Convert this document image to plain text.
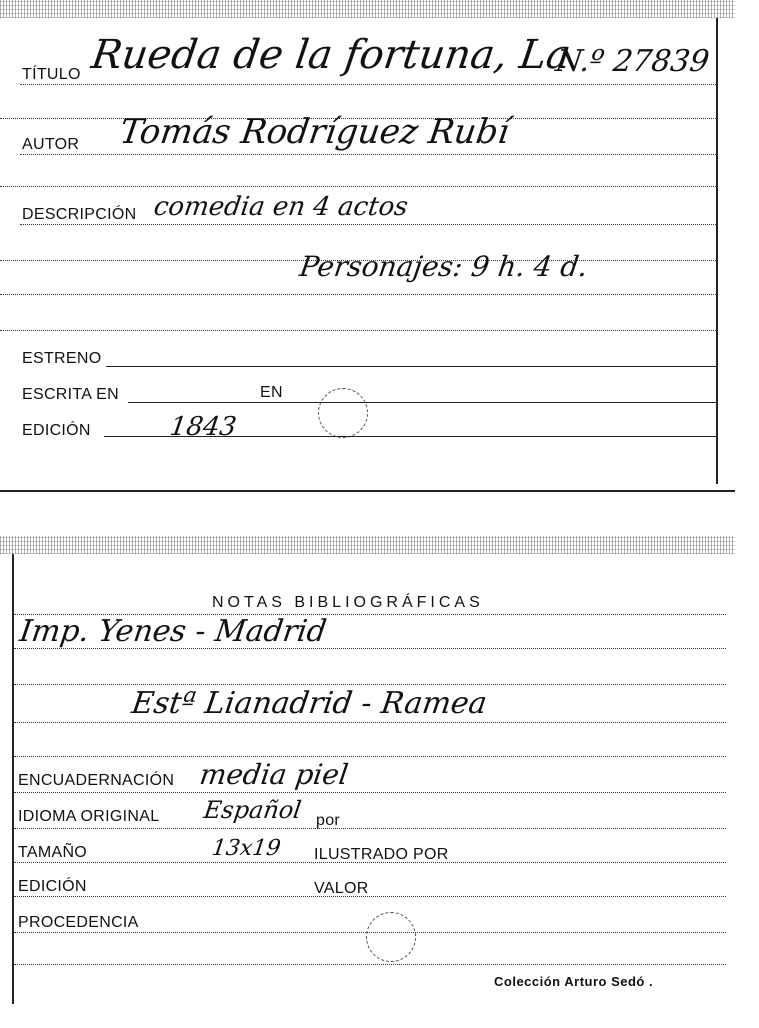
TÍTULO Rueda de la fortuna, La
N.º 27839
AUTOR Tomás Rodríguez Rubí
DESCRIPCIÓN comedia en 4 actos
Personajes: 9 h. 4 d.
ESTRENO
ESCRITA EN	EN
EDICIÓN	1843
NOTAS BIBLIOGRÁFICAS
Imp. Yenes - Madrid
Estª Lianadrid - Ramea
ENCUADERNACIÓN media piel
IDIOMA ORIGINAL Español por
TAMAÑO	13x19 ILUSTRADO POR
EDICIÓN	VALOR
PROCEDENCIA
Colección Arturo Sedó .
